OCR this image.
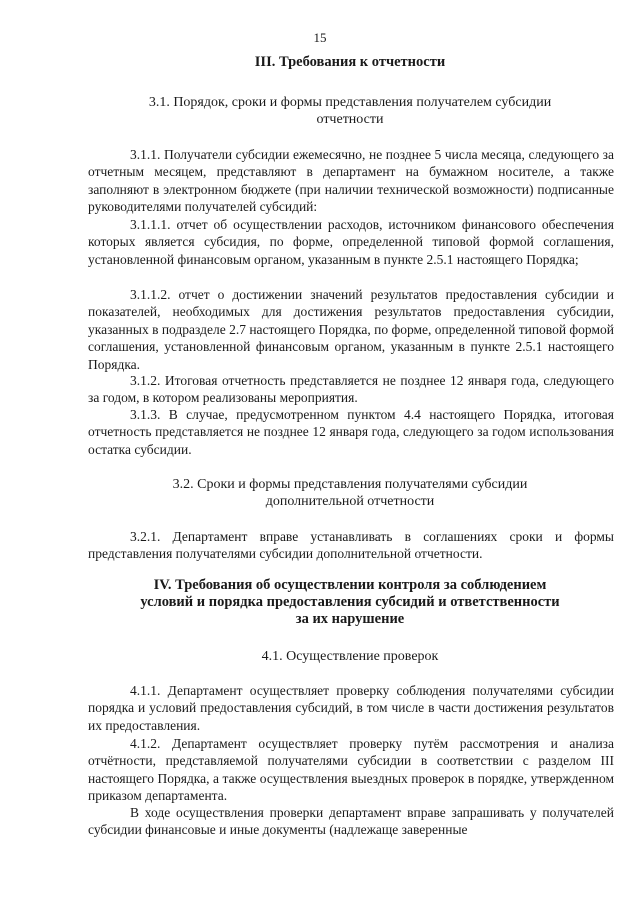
15
III. Требования к отчетности
3.1. Порядок, сроки и формы представления получателем субсидии
отчетности
3.1.1. Получатели субсидии ежемесячно, не позднее 5 числа месяца, следующего за отчетным месяцем, представляют в департамент на бумажном носителе, а также заполняют в электронном бюджете (при наличии технической возможности) подписанные руководителями получателей субсидий:
3.1.1.1. отчет об осуществлении расходов, источником финансового обеспечения которых является субсидия, по форме, определенной типовой формой соглашения, установленной финансовым органом, указанным в пункте 2.5.1 настоящего Порядка;
3.1.1.2. отчет о достижении значений результатов предоставления субсидии и показателей, необходимых для достижения результатов предоставления субсидии, указанных в подразделе 2.7 настоящего Порядка, по форме, определенной типовой формой соглашения, установленной финансовым органом, указанным в пункте 2.5.1 настоящего Порядка.
3.1.2. Итоговая отчетность представляется не позднее 12 января года, следующего за годом, в котором реализованы мероприятия.
3.1.3. В случае, предусмотренном пунктом 4.4 настоящего Порядка, итоговая отчетность представляется не позднее 12 января года, следующего за годом использования остатка субсидии.
3.2. Сроки и формы представления получателями субсидии
дополнительной отчетности
3.2.1. Департамент вправе устанавливать в соглашениях сроки и формы представления получателями субсидии дополнительной отчетности.
IV. Требования об осуществлении контроля за соблюдением
условий и порядка предоставления субсидий и ответственности
за их нарушение
4.1. Осуществление проверок
4.1.1. Департамент осуществляет проверку соблюдения получателями субсидии порядка и условий предоставления субсидий, в том числе в части достижения результатов их предоставления.
4.1.2. Департамент осуществляет проверку путём рассмотрения и анализа отчётности, представляемой получателями субсидии в соответствии с разделом III настоящего Порядка, а также осуществления выездных проверок в порядке, утвержденном приказом департамента.
В ходе осуществления проверки департамент вправе запрашивать у получателей субсидии финансовые и иные документы (надлежаще заверенные
